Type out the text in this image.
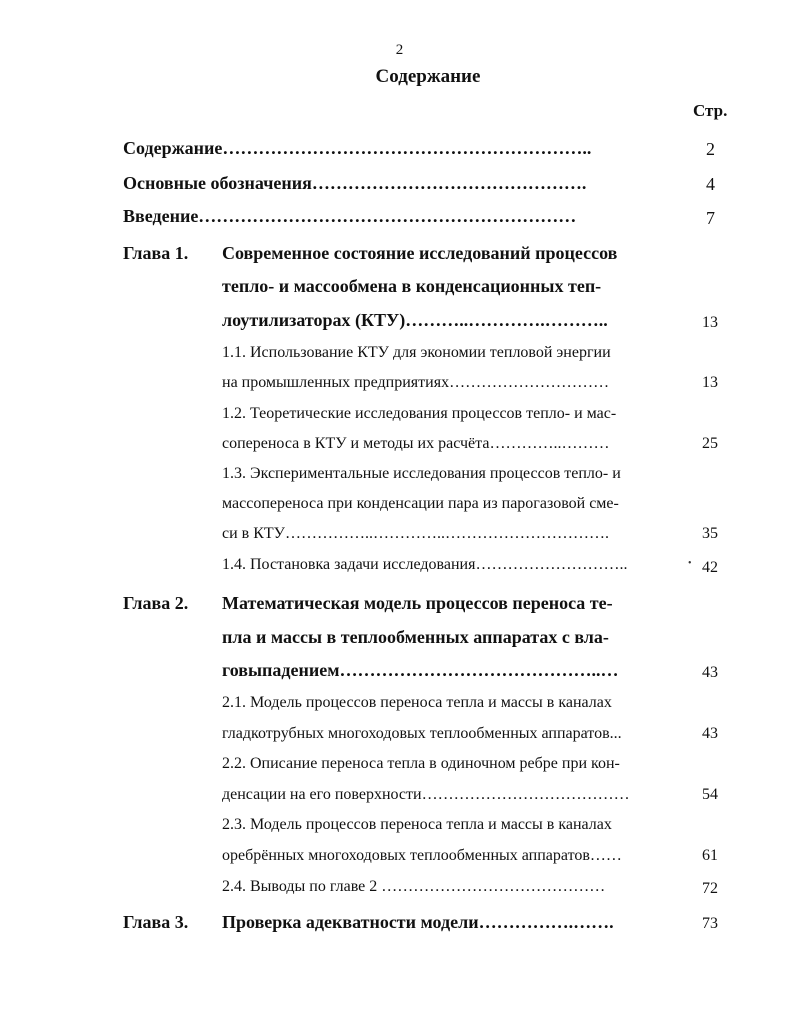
2
Содержание
Стр.
Содержание……………………………………………………..	2
Основные обозначения……………………………………….	4
Введение………………………………………………………	7
Глава 1. Современное состояние исследований процессов
тепло- и массообмена в конденсационных теп-
лоутилизаторах (КТУ)………..………….………..	13
1.1. Использование КТУ для экономии тепловой энергии
на промышленных предприятиях…………………………	13
1.2. Теоретические исследования процессов тепло- и мас-
сопереноса в КТУ и методы их расчёта…………..………	25
1.3. Экспериментальные исследования процессов тепло- и
массопереноса при конденсации пара из парогазовой сме-
си в КТУ……………..…………..………………………….	35
1.4. Постановка задачи исследования………………………..	• 42
Глава 2. Математическая модель процессов переноса те-
пла и массы в теплообменных аппаратах с вла-
говыпадением……………………………………..…	43
2.1. Модель процессов переноса тепла и массы в каналах
гладкотрубных многоходовых теплообменных аппаратов...	43
2.2. Описание переноса тепла в одиночном ребре при кон-
денсации на его поверхности…………………………………	54
2.3. Модель процессов переноса тепла и массы в каналах
оребрённых многоходовых теплообменных аппаратов……	61
2.4. Выводы по главе 2 ……………………………………	72
Глава 3. Проверка адекватности модели…………….…….	73
